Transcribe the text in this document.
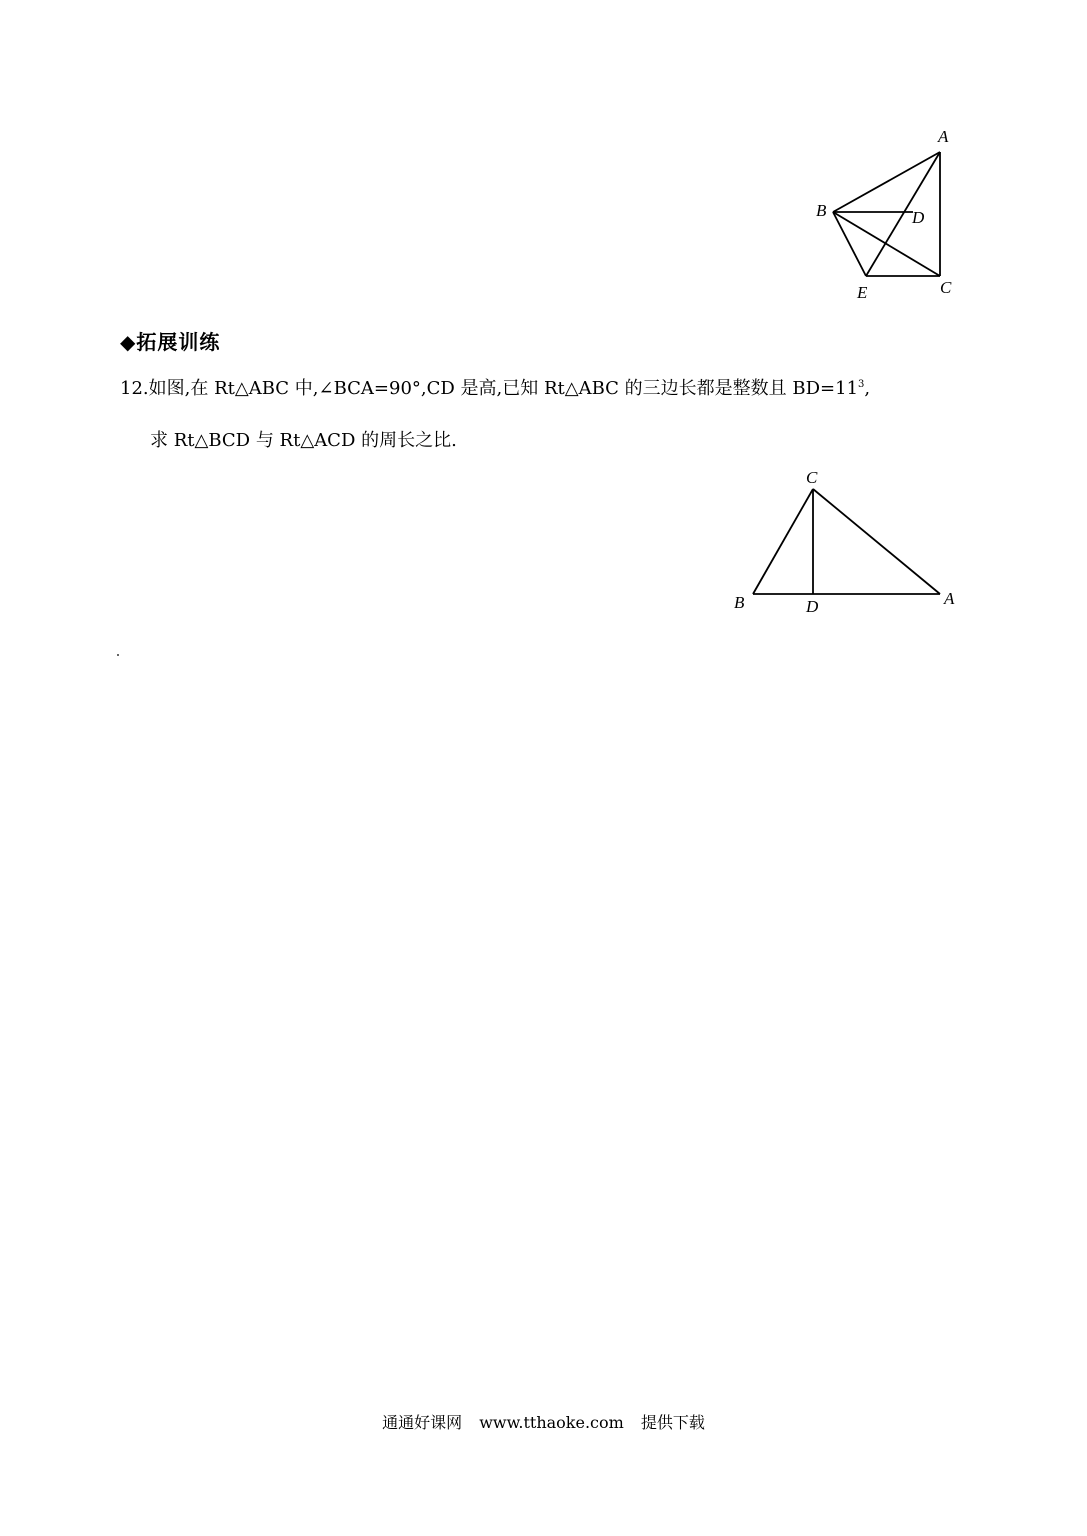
A
B	D
E	C
◆拓展训练
12.如图,在 Rt△ABC 中,∠BCA=90°,CD 是高,已知 Rt△ABC 的三边长都是整数且 $BD=11^3$,
求 Rt△BCD 与 Rt△ACD 的周长之比.
C
B	D	A
通通好课网 www.tthaoke.com 提供下载
